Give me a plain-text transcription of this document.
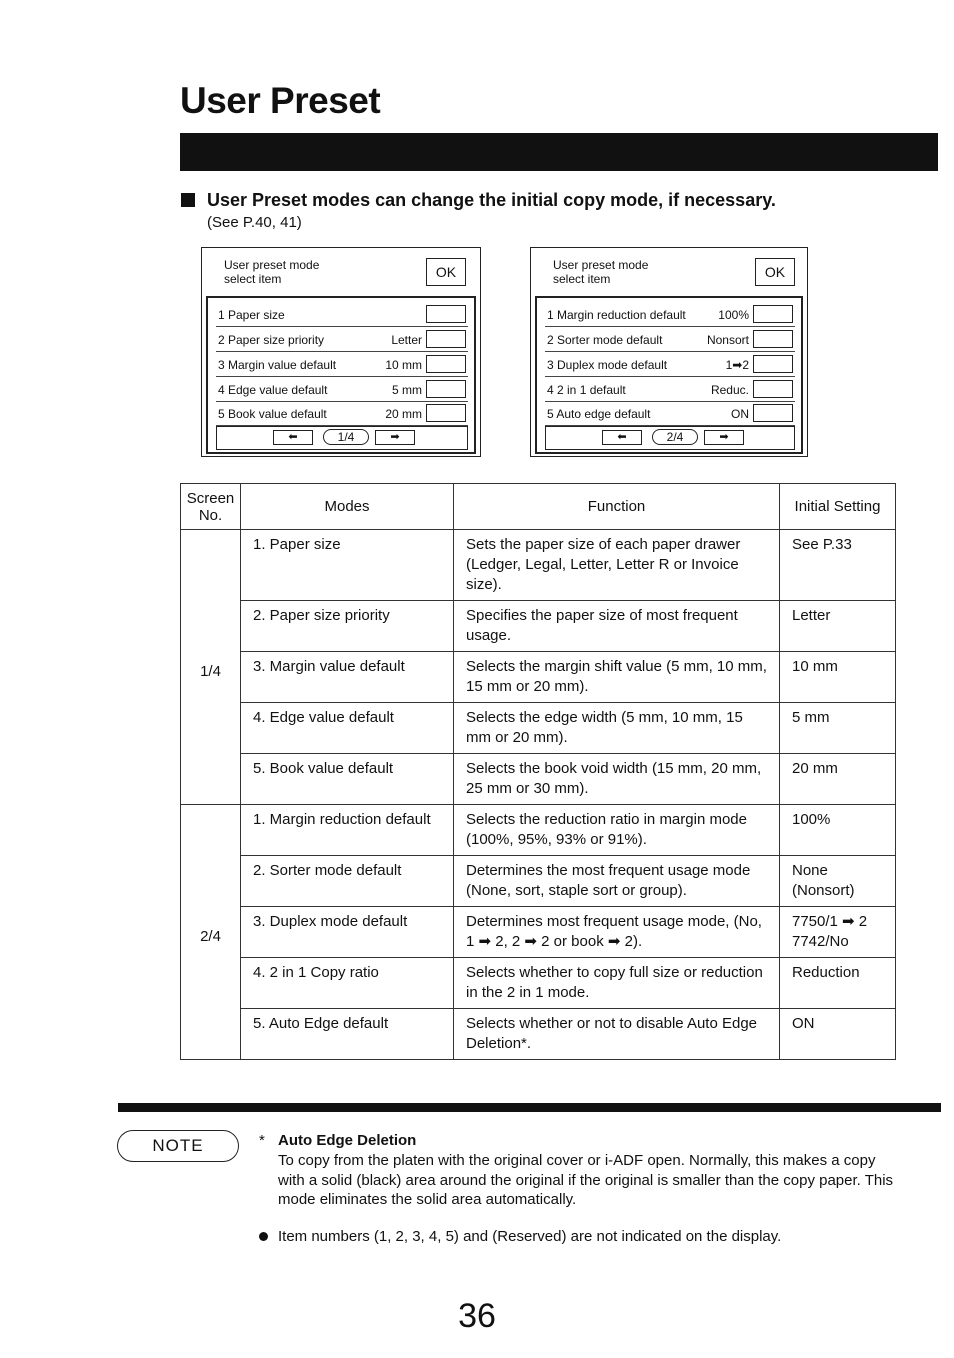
User Preset
User Preset modes can change the initial copy mode, if necessary.
(See P.40, 41)
User preset mode
select item	OK
1 Paper size
2 Paper size priority	Letter
3 Margin value default	10 mm
4 Edge value default	5 mm
5 Book value default	20 mm
⬅	1/4	➡
User preset mode
select item	OK
1 Margin reduction default	100%
2 Sorter mode default	Nonsort
3 Duplex mode default	1➡2
4 2 in 1 default	Reduc.
5 Auto edge default	ON
⬅	2/4	➡
Screen No.	Modes	Function	Initial Setting

1/4	1. Paper size	Sets the paper size of each paper drawer (Ledger, Legal, Letter, Letter R or Invoice size).	See P.33

	2. Paper size priority	Specifies the paper size of most frequent usage.	Letter

	3. Margin value default	Selects the margin shift value (5 mm, 10 mm, 15 mm or 20 mm).	10 mm

	4. Edge value default	Selects the edge width (5 mm, 10 mm, 15 mm or 20 mm).	5 mm

	5. Book value default	Selects the book void width (15 mm, 20 mm, 25 mm or 30 mm).	20 mm

2/4	1. Margin reduction default	Selects the reduction ratio in margin mode (100%, 95%, 93% or 91%).	100%

	2. Sorter mode default	Determines the most frequent usage mode (None, sort, staple sort or group).	None (Nonsort)

	3. Duplex mode default	Determines most frequent usage mode, (No, 1 ➡ 2, 2 ➡ 2 or book ➡ 2).	7750/1 ➡ 2 7742/No

	4. 2 in 1 Copy ratio	Selects whether to copy full size or reduction in the 2 in 1 mode.	Reduction

	5. Auto Edge default	Selects whether or not to disable Auto Edge Deletion*.	ON
NOTE	* Auto Edge Deletion
To copy from the platen with the original cover or i-ADF open. Normally, this makes a copy with a solid (black) area around the original if the original is smaller than the copy paper. This mode eliminates the solid area automatically.
Item numbers (1, 2, 3, 4, 5) and (Reserved) are not indicated on the display.
36
